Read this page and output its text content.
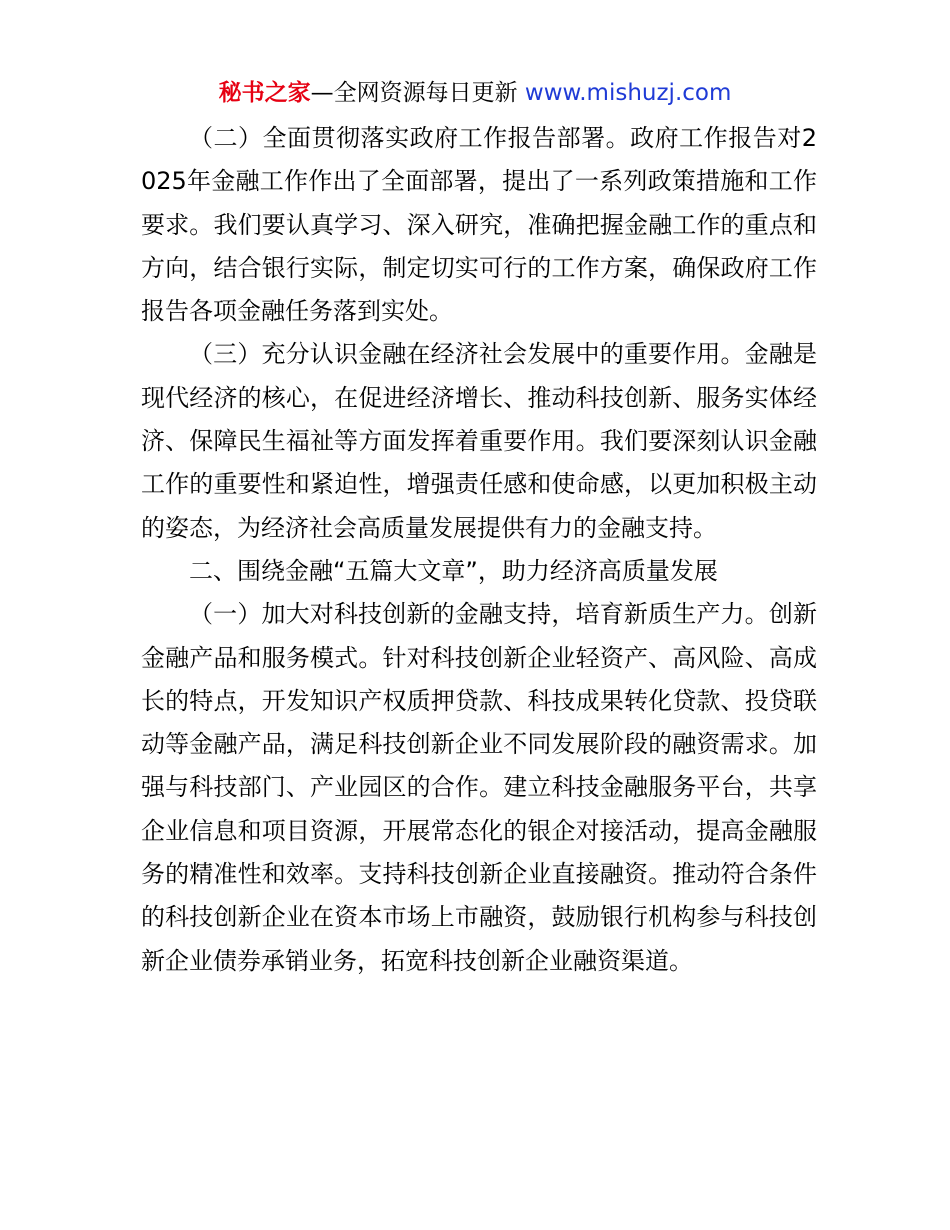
秘书之家—全网资源每日更新 www.mishuzj.com

（二）全面贯彻落实政府工作报告部署。政府工作报告对2025年金融工作作出了全面部署，提出了一系列政策措施和工作要求。我们要认真学习、深入研究，准确把握金融工作的重点和方向，结合银行实际，制定切实可行的工作方案，确保政府工作报告各项金融任务落到实处。

（三）充分认识金融在经济社会发展中的重要作用。金融是现代经济的核心，在促进经济增长、推动科技创新、服务实体经济、保障民生福祉等方面发挥着重要作用。我们要深刻认识金融工作的重要性和紧迫性，增强责任感和使命感，以更加积极主动的姿态，为经济社会高质量发展提供有力的金融支持。

二、围绕金融“五篇大文章”，助力经济高质量发展

（一）加大对科技创新的金融支持，培育新质生产力。创新金融产品和服务模式。针对科技创新企业轻资产、高风险、高成长的特点，开发知识产权质押贷款、科技成果转化贷款、投贷联动等金融产品，满足科技创新企业不同发展阶段的融资需求。加强与科技部门、产业园区的合作。建立科技金融服务平台，共享企业信息和项目资源，开展常态化的银企对接活动，提高金融服务的精准性和效率。支持科技创新企业直接融资。推动符合条件的科技创新企业在资本市场上市融资，鼓励银行机构参与科技创新企业债券承销业务，拓宽科技创新企业融资渠道。
